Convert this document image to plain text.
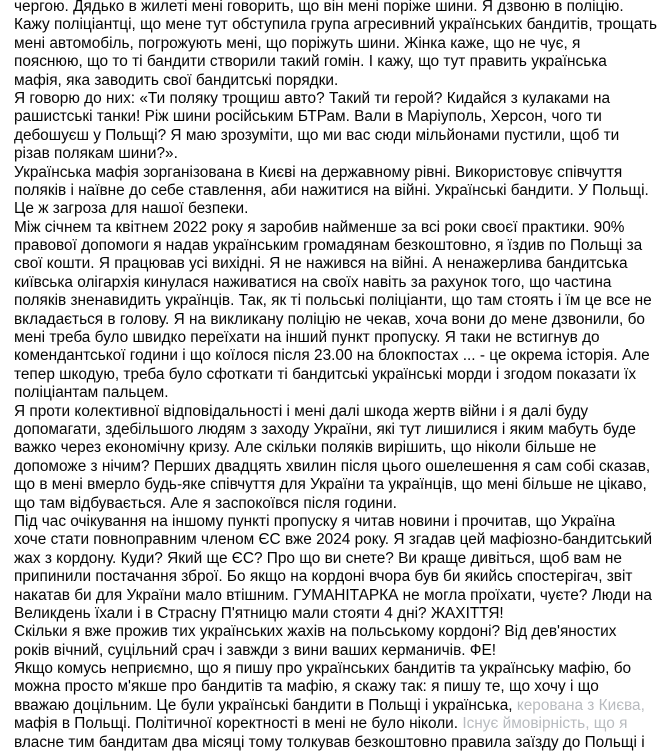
чергою. Дядько в жилеті мені говорить, що він мені поріже шини. Я дзвоню в поліцію.
Кажу поліціантці, що мене тут обступила група агресивний українських бандитів, трощать
мені автомобіль, погрожують мені, що поріжуть шини. Жінка каже, що не чує, я
пояснюю, що то ті бандити створили такий гомін. І кажу, що тут править українська
мафія, яка заводить свої бандитські порядки.
Я говорю до них: «Ти поляку трощиш авто? Такий ти герой? Кидайся з кулаками на
рашистські танки! Ріж шини російським БТРам. Вали в Маріуполь, Херсон, чого ти
дебошуєш у Польщі? Я маю зрозуміти, що ми вас сюди мільйонами пустили, щоб ти
різав полякам шини?».
Українська мафія зорганізована в Києві на державному рівні. Використовує співчуття
поляків і наївне до себе ставлення, аби нажитися на війні. Українські бандити. У Польщі.
Це ж загроза для нашої безпеки.
Між січнем та квітнем 2022 року я заробив найменше за всі роки своєї практики. 90%
правової допомоги я надав українським громадянам безкоштовно, я їздив по Польщі за
свої кошти. Я працював усі вихідні. Я не нажився на війні. А ненажерлива бандитська
київська олігархія кинулася наживатися на своїх навіть за рахунок того, що частина
поляків зненавидить українців. Так, як ті польські поліціанти, що там стоять і їм це все не
вкладається в голову. Я на викликану поліцію не чекав, хоча вони до мене дзвонили, бо
мені треба було швидко переїхати на інший пункт пропуску. Я таки не встигнув до
комендантської години і що коїлося після 23.00 на блокпостах ... - це окрема історія. Але
тепер шкодую, треба було сфоткати ті бандитські українські морди і згодом показати їх
поліціантам пальцем.
Я проти колективної відповідальності і мені далі шкода жертв війни і я далі буду
допомагати, здебільшого людям з заходу України, які тут лишилися і яким мабуть буде
важко через економічну кризу. Але скільки поляків вирішить, що ніколи більше не
допоможе з нічим? Перших двадцять хвилин після цього ошелешення я сам собі сказав,
що в мені вмерло будь-яке співчуття для України та українців, що мені більше не цікаво,
що там відбувається. Але я заспокоївся після години.
Під час очікування на іншому пункті пропуску я читав новини і прочитав, що Україна
хоче стати повноправним членом ЄС вже 2024 року. Я згадав цей мафіозно-бандитський
жах з кордону. Куди? Який ще ЄС? Про що ви снете? Ви краще дивіться, щоб вам не
припинили постачання зброї. Бо якщо на кордоні вчора був би якийсь спостерігач, звіт
накатав би для України мало втішним. ГУМАНІТАРКА не могла проїхати, чуєте? Люди на
Великдень їхали і в Страсну П'ятницю мали стояти 4 дні? ЖАХІТТЯ!
Скільки я вже прожив тих українських жахів на польському кордоні? Від дев'яностих
років вічний, суцільний срач і завжди з вини ваших керманичів. ФЕ!
Якщо комусь неприємно, що я пишу про українських бандитів та українську мафію, бо
можна просто м'якше про бандитів та мафію, я скажу так: я пишу те, що хочу і що
вважаю доцільним. Це були українські бандити в Польщі і українська, керована з Києва,
мафія в Польщі. Політичної коректності в мені не було ніколи. Існує ймовірність, що я
власне тим бандитам два місяці тому толкував безкоштовно правила заїзду до Польщі і
